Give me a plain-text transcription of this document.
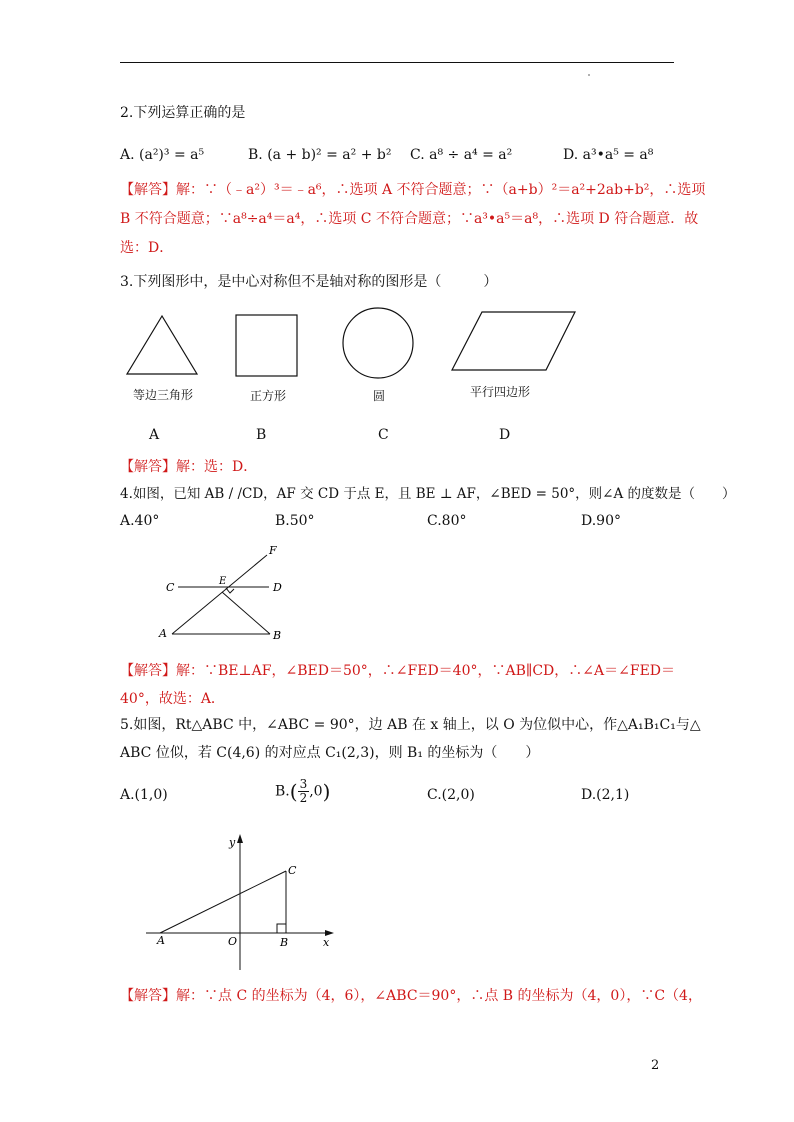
2.下列运算正确的是
A. (a²)³ = a⁵	B. (a + b)² = a² + b² C. a⁸ ÷ a⁴ = a²	D. a³•a⁵ = a⁸
【解答】解：∵（﹣a²）³＝﹣a⁶，∴选项 A 不符合题意；∵（a+b）²＝a²+2ab+b²，∴选项
B 不符合题意；∵a⁸÷a⁴＝a⁴，∴选项 C 不符合题意；∵a³•a⁵＝a⁸，∴选项 D 符合题意．故
选：D．
3.下列图形中，是中心对称但不是轴对称的图形是（　　　）
等边三角形	正方形	圆	平行四边形
A	B	C	D
【解答】解：选：D．
4.如图，已知 AB / /CD，AF 交 CD 于点 E，且 BE ⊥ AF，∠BED = 50°，则∠A 的度数是（　　）
A.40°	B.50°	C.80°	D.90°
F
C	E	D
A	B
【解答】解：∵BE⊥AF，∠BED＝50°，∴∠FED＝40°，∵AB∥CD，∴∠A＝∠FED＝
40°，故选：A．
5.如图，Rt△ABC 中，∠ABC = 90°，边 AB 在 x 轴上，以 O 为位似中心，作△A₁B₁C₁与△
ABC 位似，若 C(4,6) 的对应点 C₁(2,3)，则 B₁ 的坐标为（　　）
A.(1,0)	$B.( \frac{3}{2} ,0)$	C.(2,0)	D.(2,1)
y
C
A	O	B	x
【解答】解：∵点 C 的坐标为（4，6），∠ABC＝90°，∴点 B 的坐标为（4，0），∵C（4，
2
